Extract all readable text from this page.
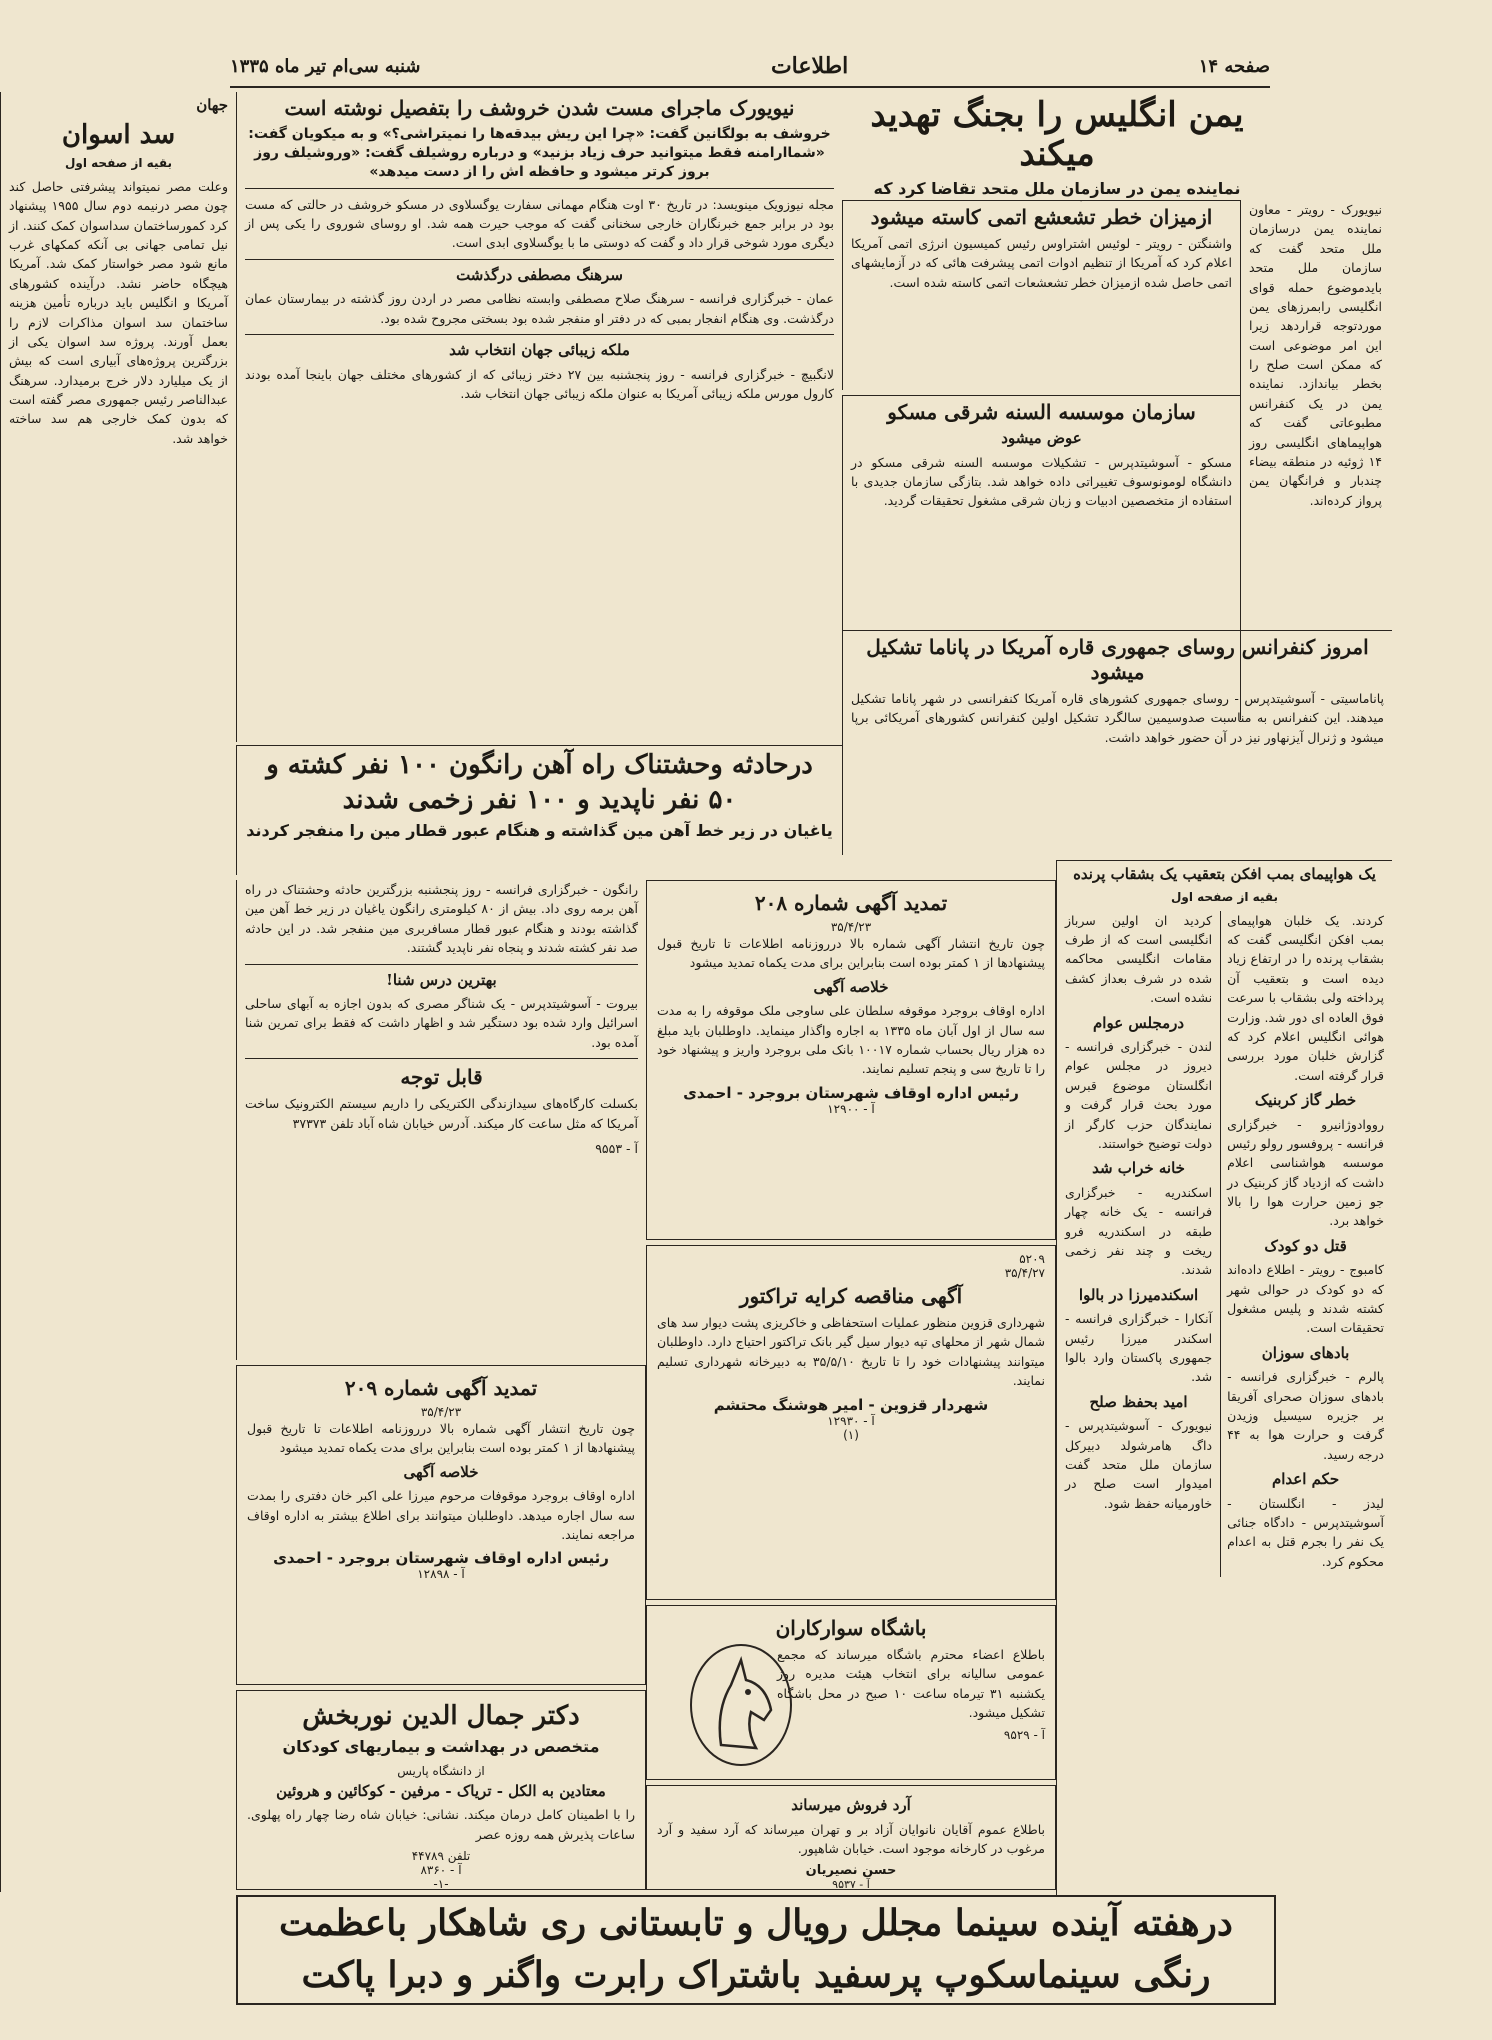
صفحه ۱۴
اطلاعات
شنبه سی‌ام تیر ماه ۱۳۳۵
یمن انگلیس را بجنگ تهدید میکند
نماینده یمن در سازمان ملل متحد تقاضا کرد که

نیویورک - رویتر - معاون نماینده یمن درسازمان ملل متحد گفت که سازمان ملل متحد بایدموضوع حمله قوای انگلیسی رابمرزهای یمن موردتوجه قراردهد زیرا این امر موضوعی است که ممکن است صلح را بخطر بیاندازد. نماینده یمن در یک کنفرانس مطبوعاتی گفت که هواپیماهای انگلیسی روز ۱۴ ژوئیه در منطقه بیضاء چندبار و فرانگهان یمن پرواز کرده‌اند.

ازمیزان خطر تشعشع اتمی کاسته میشود

واشنگتن - رویتر - لوئیس اشتراوس رئیس کمیسیون انرژی اتمی آمریکا اعلام کرد که آمریکا از تنظیم ادوات اتمی پیشرفت هائی که در آزمایشهای اتمی حاصل شده ازمیزان خطر تشعشعات اتمی کاسته شده است.

سازمان موسسه السنه شرقی مسکو
عوض میشود

مسکو - آسوشیتدپرس - تشکیلات موسسه السنه شرقی مسکو در دانشگاه لومونوسوف تغییراتی داده خواهد شد. بتازگی سازمان جدیدی با استفاده از متخصصین ادبیات و زبان شرقی مشغول تحقیقات گردید.

امروز کنفرانس روسای جمهوری قاره آمریکا در پاناما تشکیل میشود

پاناماسیتی - آسوشیتدپرس - روسای جمهوری کشورهای قاره آمریکا کنفرانسی در شهر پاناما تشکیل میدهند. این کنفرانس به مناسبت صدوسیمین سالگرد تشکیل اولین کنفرانس کشورهای آمریکائی برپا میشود و ژنرال آیزنهاور نیز در آن حضور خواهد داشت.

نیویورک ماجرای مست شدن خروشف را بتفصیل نوشته است
خروشف به بولگانین گفت: «چرا این ریش بیدقه‌ها را نمیتراشی؟» و به میکویان گفت: «شماارامنه فقط میتوانید حرف زیاد بزنید» و درباره روشیلف گفت: «وروشیلف روز بروز کرتر میشود و حافظه اش را از دست میدهد»

مجله نیوزویک مینویسد: در تاریخ ۳۰ اوت هنگام مهمانی سفارت یوگسلاوی در مسکو خروشف در حالتی که مست بود در برابر جمع خبرنگاران خارجی سخنانی گفت که موجب حیرت همه شد. او روسای شوروی را یکی پس از دیگری مورد شوخی قرار داد و گفت که دوستی ما با یوگسلاوی ابدی است.

سرهنگ مصطفی درگذشت

عمان - خبرگزاری فرانسه - سرهنگ صلاح مصطفی وابسته نظامی مصر در اردن روز گذشته در بیمارستان عمان درگذشت. وی هنگام انفجار بمبی که در دفتر او منفجر شده بود بسختی مجروح شده بود.

ملکه زیبائی جهان انتخاب شد

لانگبیچ - خبرگزاری فرانسه - روز پنجشنبه بین ۲۷ دختر زیبائی که از کشورهای مختلف جهان باینجا آمده بودند کارول مورس ملکه زیبائی آمریکا به عنوان ملکه زیبائی جهان انتخاب شد.

جهان
سد اسوان
بقیه از صفحه اول

وعلت مصر نمیتواند پیشرفتی حاصل کند چون مصر درنیمه دوم سال ۱۹۵۵ پیشنهاد کرد کمورساختمان سداسوان کمک کنند. از نیل تمامی جهانی بی آنکه کمکهای غرب مانع شود مصر خواستار کمک شد. آمریکا هیچگاه حاضر نشد. درآینده کشورهای آمریکا و انگلیس باید درباره تأمین هزینه ساختمان سد اسوان مذاکرات لازم را بعمل آورند. پروژه سد اسوان یکی از بزرگترین پروژه‌های آبیاری است که بیش از یک میلیارد دلار خرج برمیدارد. سرهنگ عبدالناصر رئیس جمهوری مصر گفته است که بدون کمک خارجی هم سد ساخته خواهد شد.

درحادثه وحشتناک راه آهن رانگون ۱۰۰ نفر کشته و
۵۰ نفر ناپدید و ۱۰۰ نفر زخمی شدند
یاغیان در زیر خط آهن مین گذاشته و هنگام عبور قطار مین را منفجر کردند

رانگون - خبرگزاری فرانسه - روز پنجشنبه بزرگترین حادثه وحشتناک در راه آهن برمه روی داد. بیش از ۸۰ کیلومتری رانگون یاغیان در زیر خط آهن مین گذاشته بودند و هنگام عبور قطار مسافربری مین منفجر شد. در این حادثه صد نفر کشته شدند و پنجاه نفر ناپدید گشتند.

بهترین درس شنا!

بیروت - آسوشیتدپرس - یک شناگر مصری که بدون اجازه به آبهای ساحلی اسرائیل وارد شده بود دستگیر شد و اظهار داشت که فقط برای تمرین شنا آمده بود.

قابل توجه

بکسلت کارگاه‌های سیدازندگی الکتریکی را داریم سیستم الکترونیک ساخت آمریکا که مثل ساعت کار میکند. آدرس خیابان شاه آباد تلفن ۳۷۳۷۳

آ - ۹۵۵۳

تمدید آگهی شماره ۲۰۸
۳۵/۴/۲۳

چون تاریخ انتشار آگهی شماره بالا درروزنامه اطلاعات تا تاریخ قبول پیشنهادها از ۱ کمتر بوده است بنابراین برای مدت یکماه تمدید میشود

خلاصه آگهی

اداره اوقاف بروجرد موقوفه سلطان علی ساوجی ملک موقوفه را به مدت سه سال از اول آبان ماه ۱۳۳۵ به اجاره واگذار مینماید. داوطلبان باید مبلغ ده هزار ریال بحساب شماره ۱۰۰۱۷ بانک ملی بروجرد واریز و پیشنهاد خود را تا تاریخ سی و پنجم تسلیم نمایند.

رئیس اداره اوقاف شهرستان بروجرد - احمدی
آ - ۱۲۹۰۰
۵۲۰۹
۳۵/۴/۲۷
آگهی مناقصه کرایه تراکتور

شهرداری قزوین منظور عملیات استحفاظی و خاکریزی پشت دیوار سد های شمال شهر از محلهای تپه دیوار سیل گیر بانک تراکتور احتیاج دارد. داوطلبان میتوانند پیشنهادات خود را تا تاریخ ۳۵/۵/۱۰ به دبیرخانه شهرداری تسلیم نمایند.

شهردار قزوین - امیر هوشنگ محتشم
آ - ۱۲۹۳۰
(۱)
تمدید آگهی شماره ۲۰۹
۳۵/۴/۲۳

چون تاریخ انتشار آگهی شماره بالا درروزنامه اطلاعات تا تاریخ قبول پیشنهادها از ۱ کمتر بوده است بنابراین برای مدت یکماه تمدید میشود

خلاصه آگهی

اداره اوقاف بروجرد موقوفات مرحوم میرزا علی اکبر خان دفتری را بمدت سه سال اجاره میدهد. داوطلبان میتوانند برای اطلاع بیشتر به اداره اوقاف مراجعه نمایند.

رئیس اداره اوقاف شهرستان بروجرد - احمدی
آ - ۱۲۸۹۸
دکتر جمال الدین نوربخش
متخصص در بهداشت و بیماریهای کودکان
از دانشگاه پاریس
معتادین به الکل - تریاک - مرفین - کوکائین و هروئین

را با اطمینان کامل درمان میکند. نشانی: خیابان شاه رضا چهار راه پهلوی. ساعات پذیرش همه روزه عصر

تلفن ۴۴۷۸۹
آ - ۸۳۶۰
-۱-
باشگاه سوارکاران

باطلاع اعضاء محترم باشگاه میرساند که مجمع عمومی سالیانه برای انتخاب هیئت مدیره روز یکشنبه ۳۱ تیرماه ساعت ۱۰ صبح در محل باشگاه تشکیل میشود.

آ - ۹۵۲۹
آرد فروش میرساند

باطلاع عموم آقایان نانوایان آزاد بر و تهران میرساند که آرد سفید و آرد مرغوب در کارخانه موجود است. خیابان شاهپور.

حسن نصیریان
آ - ۹۵۳۷
یک هواپیمای بمب افکن بتعقیب یک بشقاب پرنده
بقیه از صفحه اول

کردند. یک خلبان هواپیمای بمب افکن انگلیسی گفت که بشقاب پرنده را در ارتفاع زیاد دیده است و بتعقیب آن پرداخته ولی بشقاب با سرعت فوق العاده ای دور شد. وزارت هوائی انگلیس اعلام کرد که گزارش خلبان مورد بررسی قرار گرفته است.

خطر گاز کربنیک

رووادوژانیرو - خبرگزاری فرانسه - پروفسور رولو رئیس موسسه هواشناسی اعلام داشت که ازدیاد گاز کربنیک در جو زمین حرارت هوا را بالا خواهد برد.

قتل دو کودک

کامبوج - رویتر - اطلاع داده‌اند که دو کودک در حوالی شهر کشته شدند و پلیس مشغول تحقیقات است.

بادهای سوزان

پالرم - خبرگزاری فرانسه - بادهای سوزان صحرای آفریقا بر جزیره سیسیل وزیدن گرفت و حرارت هوا به ۴۴ درجه رسید.

حکم اعدام

لیدز - انگلستان - آسوشیتدپرس - دادگاه جنائی یک نفر را بجرم قتل به اعدام محکوم کرد.

کردید ان اولین سرباز انگلیسی است که از طرف مقامات انگلیسی محاکمه شده در شرف بعداز کشف نشده است.

درمجلس عوام

لندن - خبرگزاری فرانسه - دیروز در مجلس عوام انگلستان موضوع قبرس مورد بحث قرار گرفت و نمایندگان حزب کارگر از دولت توضیح خواستند.

خانه خراب شد

اسکندریه - خبرگزاری فرانسه - یک خانه چهار طبقه در اسکندریه فرو ریخت و چند نفر زخمی شدند.

اسکندمیرزا در بالوا

آنکارا - خبرگزاری فرانسه - اسکندر میرزا رئیس جمهوری پاکستان وارد بالوا شد.

امید بحفظ صلح

نیویورک - آسوشیتدپرس - داگ هامرشولد دبیرکل سازمان ملل متحد گفت امیدوار است صلح در خاورمیانه حفظ شود.

درهفته آینده سینما مجلل رویال و تابستانی ری شاهکار باعظمت
رنگی سینماسکوپ پرسفید باشتراک رابرت واگنر و دبرا پاکت
